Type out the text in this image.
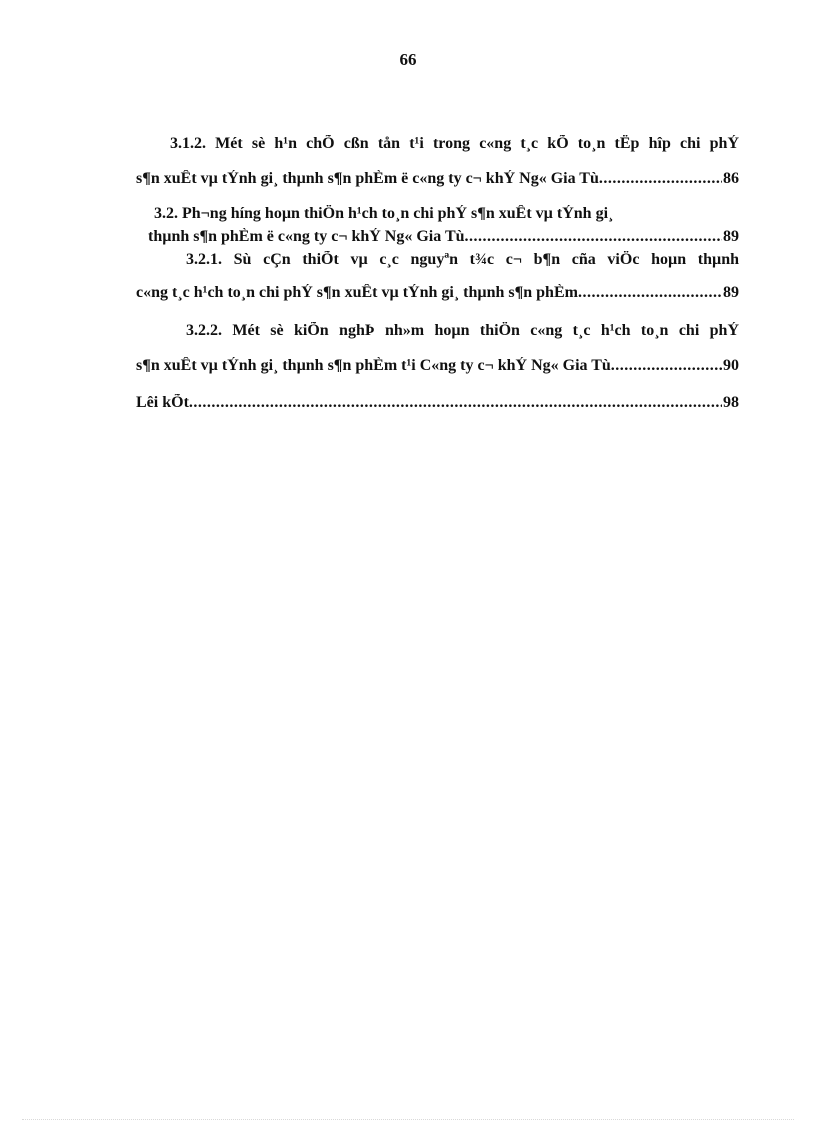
66
3.1.2. Mét sè h¹n chÕ cßn tån t¹i trong c«ng t¸c kÕ to¸n tËp hîp chi phÝ
s¶n xuÊt vµ tÝnh gi¸ thµnh s¶n phÈm ë c«ng ty c¬ khÝ Ng« Gia Tù .....	86
3.2. Ph¬ng híng hoµn thiÖn h¹ch to¸n chi phÝ s¶n xuÊt vµ tÝnh gi¸
thµnh s¶n phÈm ë c«ng ty c¬ khÝ Ng« Gia Tù .....	89
3.2.1. Sù cÇn thiÕt vµ c¸c nguyªn t¾c c¬ b¶n cña viÖc hoµn thµnh
c«ng t¸c h¹ch to¸n chi phÝ s¶n xuÊt vµ tÝnh gi¸ thµnh s¶n phÈm .....	89
3.2.2. Mét sè kiÕn nghÞ nh»m hoµn thiÖn c«ng t¸c h¹ch to¸n chi phÝ
s¶n xuÊt vµ tÝnh gi¸ thµnh s¶n phÈm t¹i C«ng ty c¬ khÝ Ng« Gia Tù .....	90
Lêi kÕt .....	98
